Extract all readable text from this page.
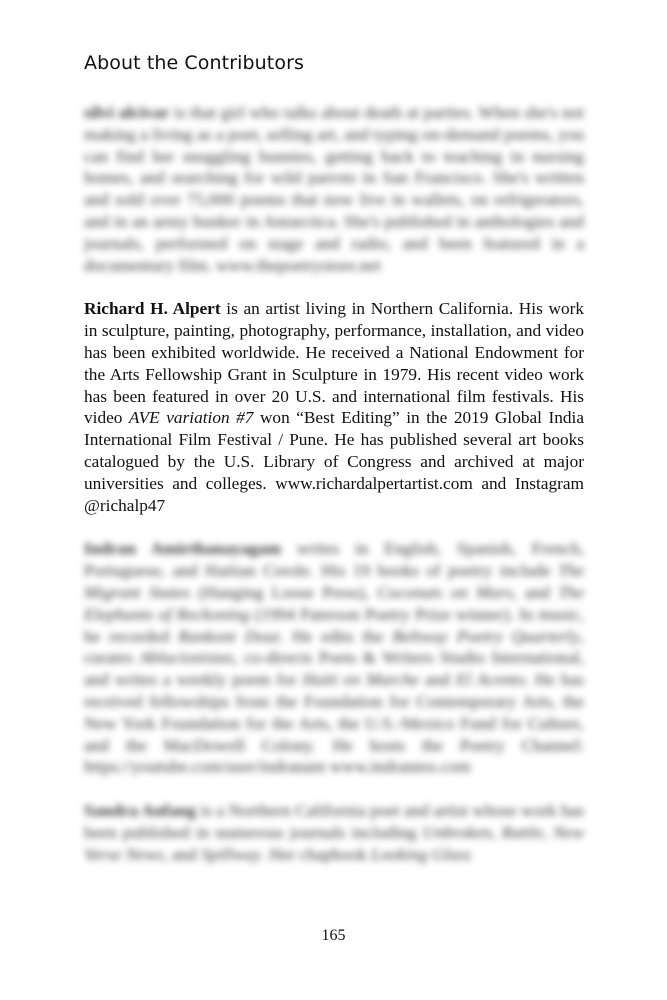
About the Contributors

silvi alcivar is that girl who talks about death at parties. When she's not making a living as a poet, selling art, and typing on-demand poems, you can find her snuggling bunnies, getting back to teaching in nursing homes, and searching for wild parrots in San Francisco. She's written and sold over 75,000 poems that now live in wallets, on refrigerators, and in an army bunker in Antarctica. She's published in anthologies and journals, performed on stage and radio, and been featured in a documentary film. www.thepoetrystore.net

Richard H. Alpert is an artist living in Northern California. His work in sculpture, painting, photography, performance, installation, and video has been exhibited worldwide. He received a National Endowment for the Arts Fellowship Grant in Sculpture in 1979. His recent video work has been featured in over 20 U.S. and international film festivals. His video AVE variation #7 won “Best Editing” in the 2019 Global India International Film Festival / Pune. He has published several art books catalogued by the U.S. Library of Congress and archived at major universities and colleges. www.richardalpertartist.com and Instagram @richalp47

Indran Amirthanayagam writes in English, Spanish, French, Portuguese, and Haitian Creole. His 19 books of poetry include The Migrant States (Hanging Loose Press), Coconuts on Mars, and The Elephants of Reckoning (1994 Paterson Poetry Prize winner). In music, he recorded Rankont Dout. He edits the Beltway Poetry Quarterly, curates Ablucionistas, co-directs Poets & Writers Studio International, and writes a weekly poem for Haiti en Marche and El Acento. He has received fellowships from the Foundation for Contemporary Arts, the New York Foundation for the Arts, the U.S.-Mexico Fund for Culture, and the MacDowell Colony. He hosts the Poetry Channel: https://youtube.com/user/indranam www.indranmx.com

Sandra Anfang is a Northern California poet and artist whose work has been published in numerous journals including Unbroken, Rattle, New Verse News, and Spillway. Her chapbook Looking Glass

165
